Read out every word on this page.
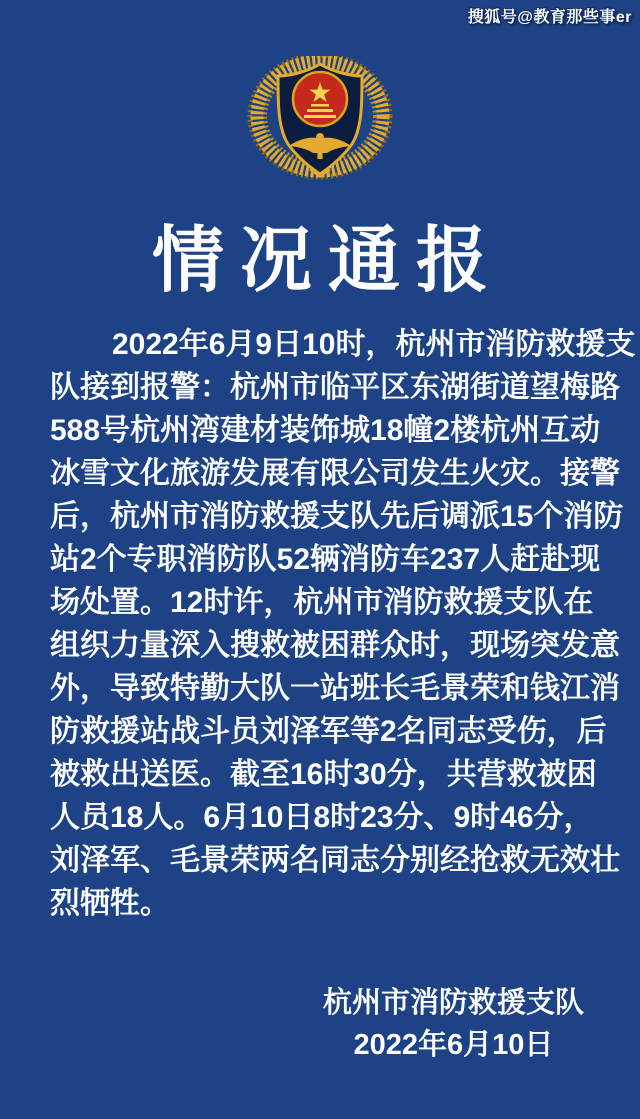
搜狐号@教育那些事er
情况通报
2022年6月9日10时，杭州市消防救援支
队接到报警：杭州市临平区东湖街道望梅路
588号杭州湾建材装饰城18幢2楼杭州互动
冰雪文化旅游发展有限公司发生火灾。接警
后，杭州市消防救援支队先后调派15个消防
站2个专职消防队52辆消防车237人赶赴现
场处置。12时许，杭州市消防救援支队在
组织力量深入搜救被困群众时，现场突发意
外，导致特勤大队一站班长毛景荣和钱江消
防救援站战斗员刘泽军等2名同志受伤，后
被救出送医。截至16时30分，共营救被困
人员18人。6月10日8时23分、9时46分，
刘泽军、毛景荣两名同志分别经抢救无效壮
烈牺牲。
杭州市消防救援支队
2022年6月10日
